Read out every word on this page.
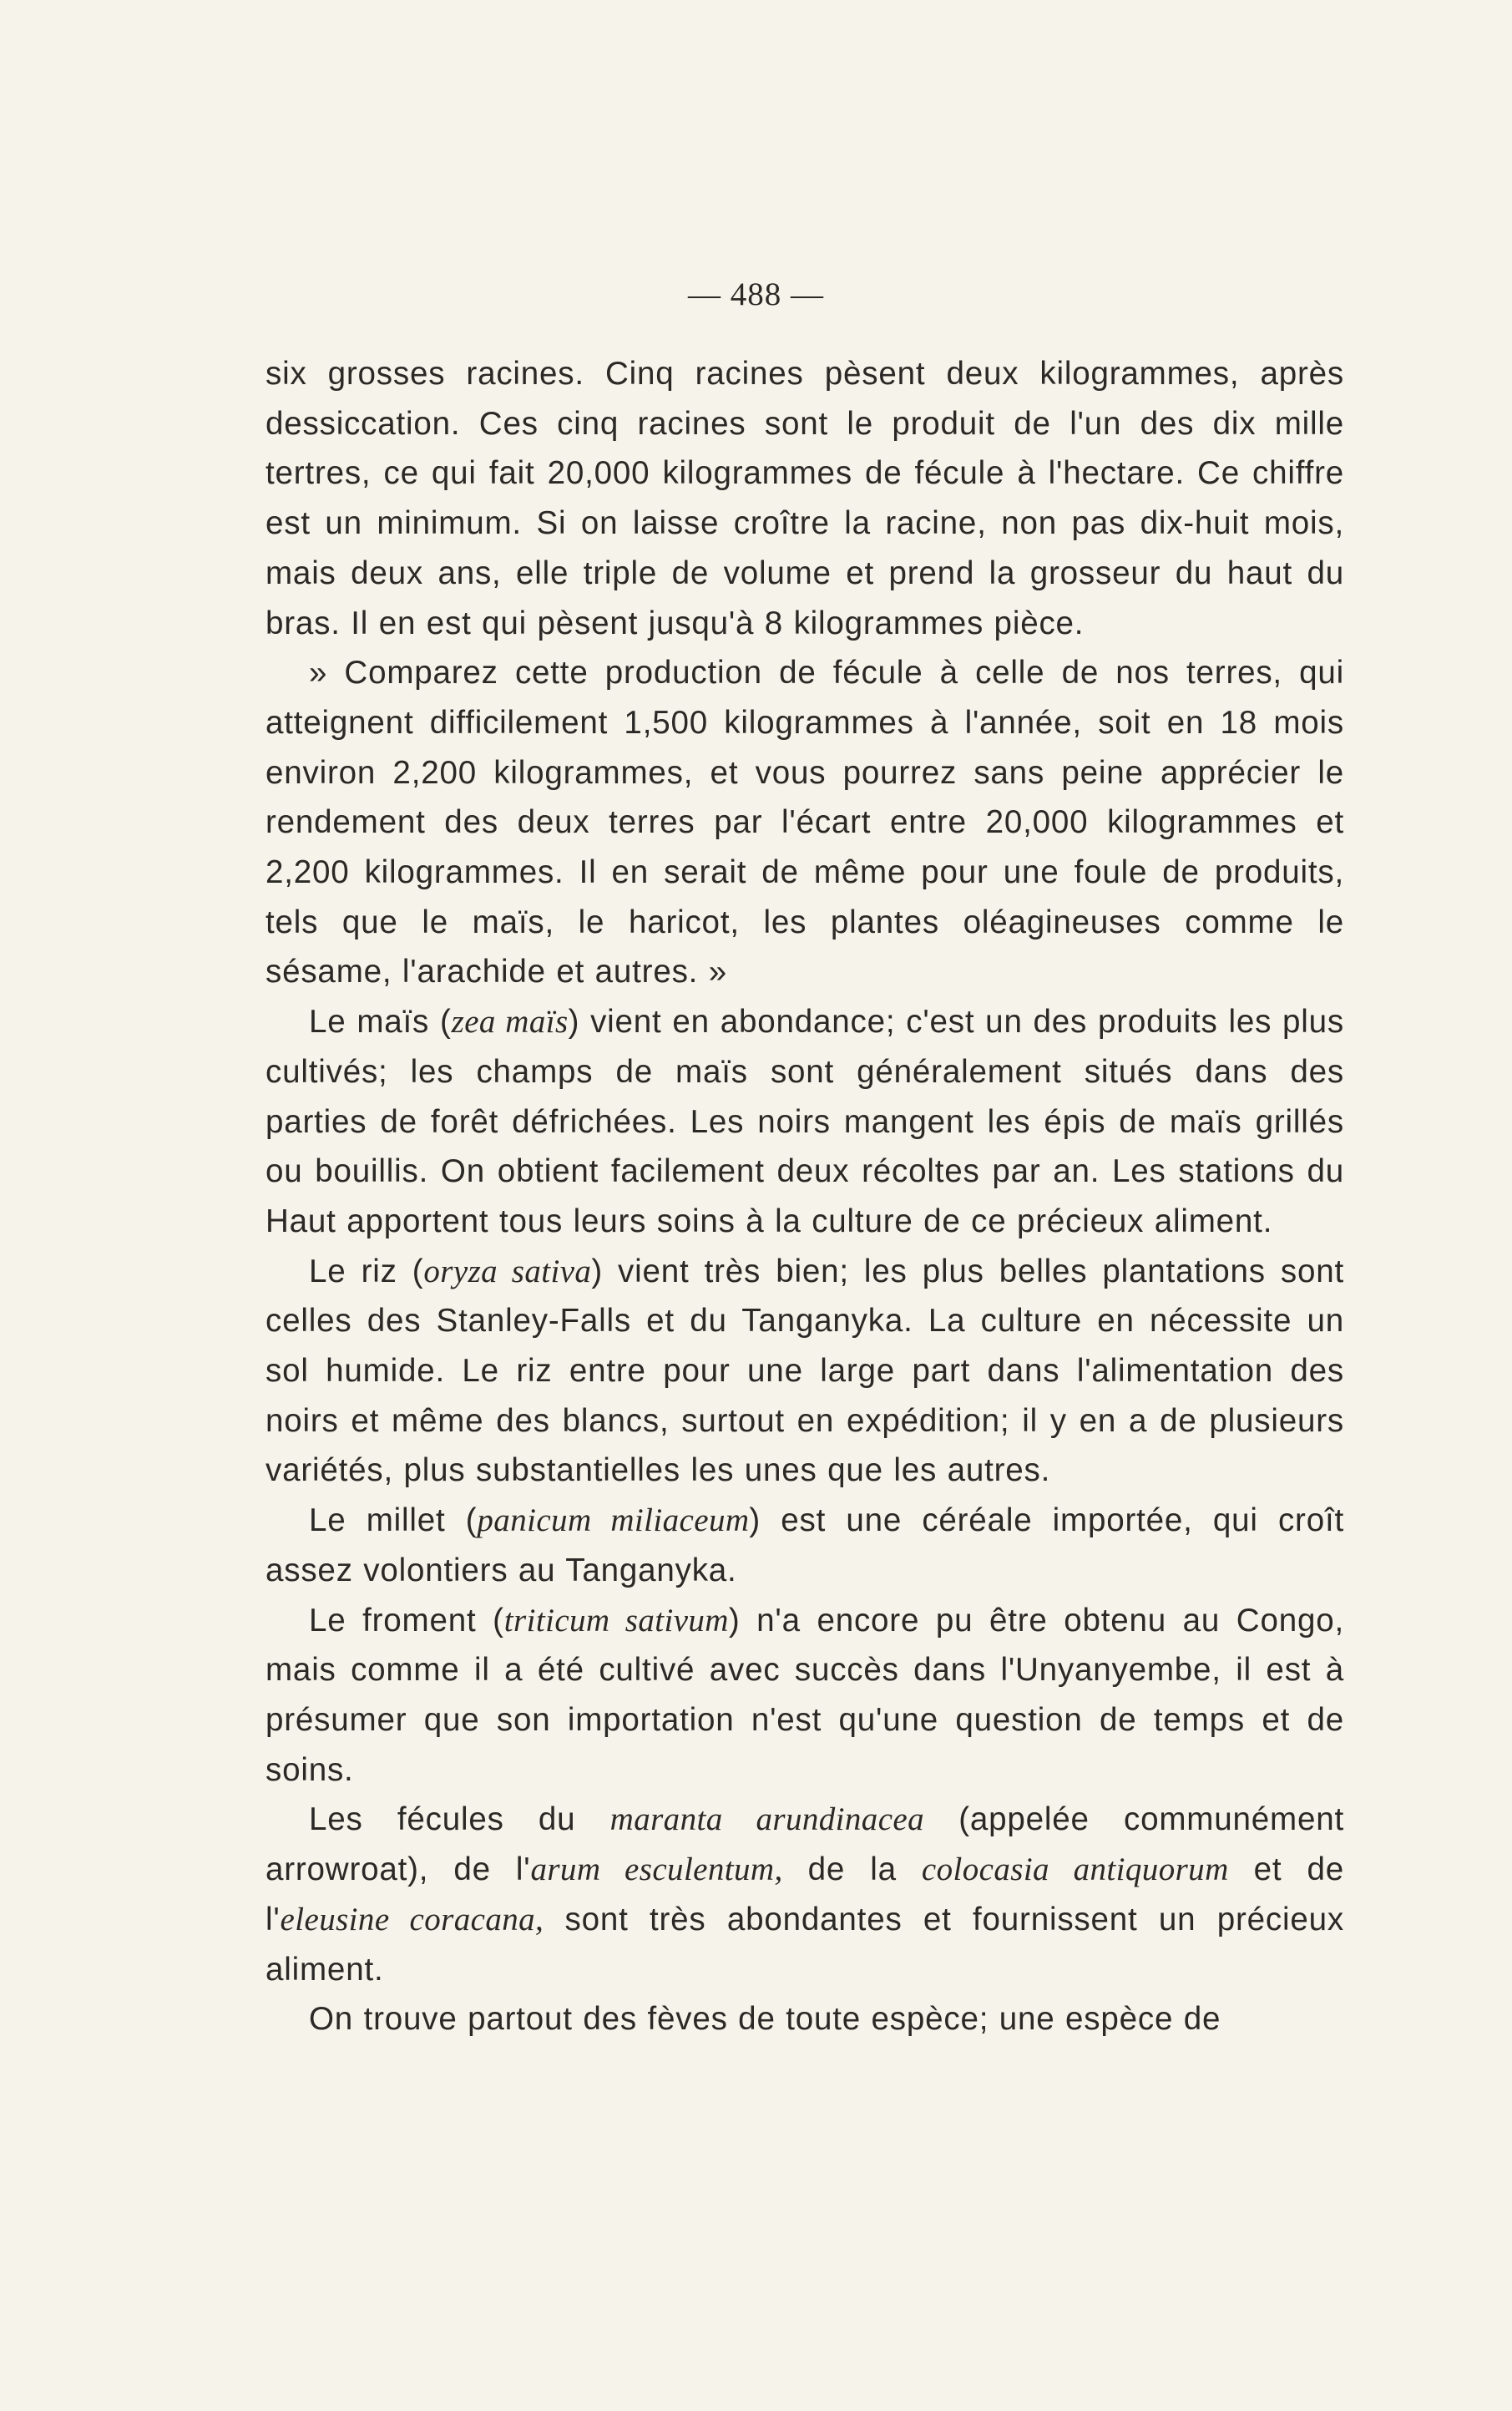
— 488 —

six grosses racines. Cinq racines pèsent deux kilogrammes, après dessiccation. Ces cinq racines sont le produit de l'un des dix mille tertres, ce qui fait 20,000 kilogrammes de fécule à l'hectare. Ce chiffre est un minimum. Si on laisse croître la racine, non pas dix-huit mois, mais deux ans, elle triple de volume et prend la grosseur du haut du bras. Il en est qui pèsent jusqu'à 8 kilogrammes pièce.

» Comparez cette production de fécule à celle de nos terres, qui atteignent difficilement 1,500 kilogrammes à l'année, soit en 18 mois environ 2,200 kilogrammes, et vous pourrez sans peine apprécier le rendement des deux terres par l'écart entre 20,000 kilogrammes et 2,200 kilogrammes. Il en serait de même pour une foule de produits, tels que le maïs, le haricot, les plantes oléagineuses comme le sésame, l'arachide et autres. »

Le maïs (zea maïs) vient en abondance; c'est un des produits les plus cultivés; les champs de maïs sont généralement situés dans des parties de forêt défrichées. Les noirs mangent les épis de maïs grillés ou bouillis. On obtient facilement deux récoltes par an. Les stations du Haut apportent tous leurs soins à la culture de ce précieux aliment.

Le riz (oryza sativa) vient très bien; les plus belles plantations sont celles des Stanley-Falls et du Tanganyka. La culture en nécessite un sol humide. Le riz entre pour une large part dans l'alimentation des noirs et même des blancs, surtout en expédition; il y en a de plusieurs variétés, plus substantielles les unes que les autres.

Le millet (panicum miliaceum) est une céréale importée, qui croît assez volontiers au Tanganyka.

Le froment (triticum sativum) n'a encore pu être obtenu au Congo, mais comme il a été cultivé avec succès dans l'Unyanyembe, il est à présumer que son importation n'est qu'une question de temps et de soins.

Les fécules du maranta arundinacea (appelée communément arrowroat), de l'arum esculentum, de la colocasia antiquorum et de l'eleusine coracana, sont très abondantes et fournissent un précieux aliment.

On trouve partout des fèves de toute espèce; une espèce de
